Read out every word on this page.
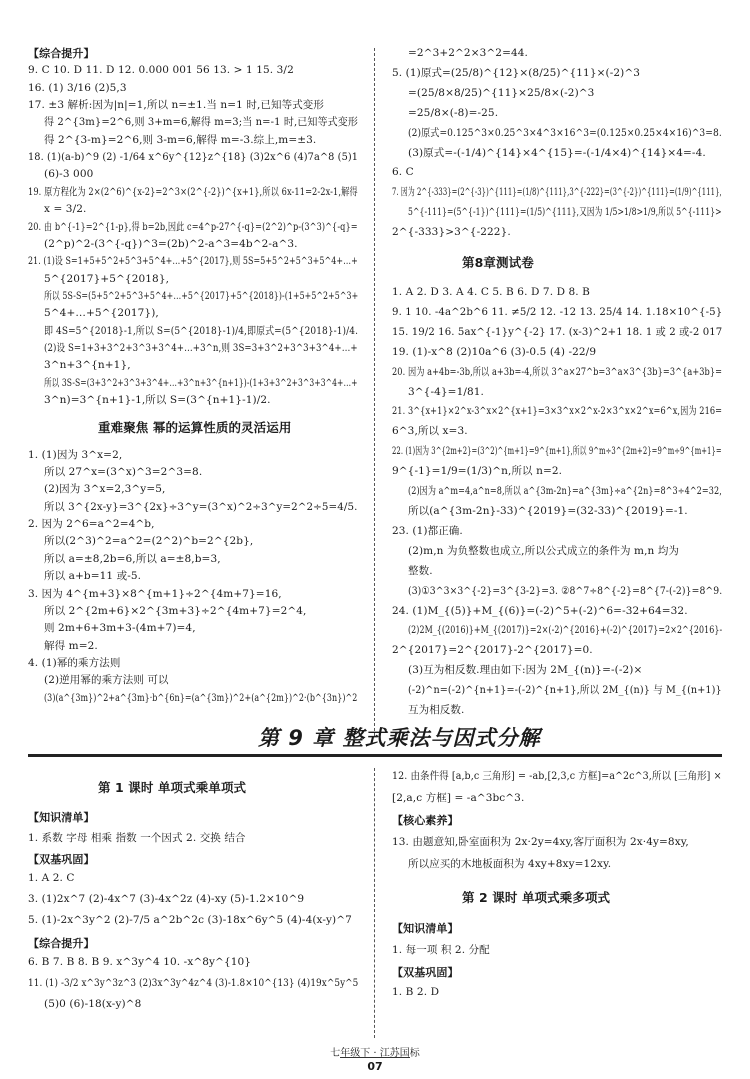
【综合提升】
9. C 10. D 11. D 12. 0.000 001 56 13. > 1 15. 3/2
16. (1) 3/16 (2)5,3
17. ±3 解析:因为|n|=1,所以 n=±1.当 n=1 时,已知等式变形
得 2^{3m}=2^6,则 3+m=6,解得 m=3;当 n=-1 时,已知等式变形
得 2^{3-m}=2^6,则 3-m=6,解得 m=-3.综上,m=±3.
18. (1)(a-b)^9 (2) -1/64 x^6y^{12}z^{18} (3)2x^6 (4)7a^8 (5)1
(6)-3 000
19. 原方程化为 2×(2^6)^{x-2}=2^3×(2^{-2})^{x+1},所以 6x-11=2-2x-1,解得
x = 3/2.
20. 由 b^{-1}=2^{1-p},得 b=2b,因此 c=4^p-27^{-q}=(2^2)^p-(3^3)^{-q}=
(2^p)^2-(3^{-q})^3=(2b)^2-a^3=4b^2-a^3.
21. (1)设 S=1+5+5^2+5^3+5^4+…+5^{2017},则 5S=5+5^2+5^3+5^4+…+
5^{2017}+5^{2018},
所以 5S-S=(5+5^2+5^3+5^4+…+5^{2017}+5^{2018})-(1+5+5^2+5^3+
5^4+…+5^{2017}),
即 4S=5^{2018}-1,所以 S=(5^{2018}-1)/4,即原式=(5^{2018}-1)/4.
(2)设 S=1+3+3^2+3^3+3^4+…+3^n,则 3S=3+3^2+3^3+3^4+…+
3^n+3^{n+1},
所以 3S-S=(3+3^2+3^3+3^4+…+3^n+3^{n+1})-(1+3+3^2+3^3+3^4+…+
3^n)=3^{n+1}-1,所以 S=(3^{n+1}-1)/2.
重难聚焦 幂的运算性质的灵活运用
1. (1)因为 3^x=2,
所以 27^x=(3^x)^3=2^3=8.
(2)因为 3^x=2,3^y=5,
所以 3^{2x-y}=3^{2x}÷3^y=(3^x)^2÷3^y=2^2÷5=4/5.
2. 因为 2^6=a^2=4^b,
所以(2^3)^2=a^2=(2^2)^b=2^{2b},
所以 a=±8,2b=6,所以 a=±8,b=3,
所以 a+b=11 或-5.
3. 因为 4^{m+3}×8^{m+1}÷2^{4m+7}=16,
所以 2^{2m+6}×2^{3m+3}÷2^{4m+7}=2^4,
则 2m+6+3m+3-(4m+7)=4,
解得 m=2.
4. (1)幂的乘方法则
(2)逆用幂的乘方法则 可以
(3)(a^{3m})^2+a^{3m}·b^{6n}=(a^{3m})^2+(a^{2m})^2·(b^{3n})^2
=2^3+2^2×3^2=44.
5. (1)原式=(25/8)^{12}×(8/25)^{11}×(-2)^3
=(25/8×8/25)^{11}×25/8×(-2)^3
=25/8×(-8)=-25.
(2)原式=0.125^3×0.25^3×4^3×16^3=(0.125×0.25×4×16)^3=8.
(3)原式=-(-1/4)^{14}×4^{15}=-(-1/4×4)^{14}×4=-4.
6. C
7. 因为 2^{-333}=(2^{-3})^{111}=(1/8)^{111},3^{-222}=(3^{-2})^{111}=(1/9)^{111},
5^{-111}=(5^{-1})^{111}=(1/5)^{111},又因为 1/5>1/8>1/9,所以 5^{-111}>
2^{-333}>3^{-222}.
第8章测试卷
1. A 2. D 3. A 4. C 5. B 6. D 7. D 8. B
9. 1 10. -4a^2b^6 11. ≠5/2 12. -12 13. 25/4 14. 1.18×10^{-5}
15. 19/2 16. 5ax^{-1}y^{-2} 17. (x-3)^2+1 18. 1 或 2 或-2 017
19. (1)-x^8 (2)10a^6 (3)-0.5 (4) -22/9
20. 因为 a+4b=-3b,所以 a+3b=-4,所以 3^a×27^b=3^a×3^{3b}=3^{a+3b}=
3^{-4}=1/81.
21. 3^{x+1}×2^x-3^x×2^{x+1}=3×3^x×2^x-2×3^x×2^x=6^x,因为 216=
6^3,所以 x=3.
22. (1)因为 3^{2m+2}=(3^2)^{m+1}=9^{m+1},所以 9^m÷3^{2m+2}=9^m÷9^{m+1}=
9^{-1}=1/9=(1/3)^n,所以 n=2.
(2)因为 a^m=4,a^n=8,所以 a^{3m-2n}=a^{3m}÷a^{2n}=8^3÷4^2=32,
所以(a^{3m-2n}-33)^{2019}=(32-33)^{2019}=-1.
23. (1)都正确.
(2)m,n 为负整数也成立,所以公式成立的条件为 m,n 均为
整数.
(3)①3^3×3^{-2}=3^{3-2}=3. ②8^7÷8^{-2}=8^{7-(-2)}=8^9.
24. (1)M_{(5)}+M_{(6)}=(-2)^5+(-2)^6=-32+64=32.
(2)2M_{(2016)}+M_{(2017)}=2×(-2)^{2016}+(-2)^{2017}=2×2^{2016}-
2^{2017}=2^{2017}-2^{2017}=0.
(3)互为相反数.理由如下:因为 2M_{(n)}=-(-2)×
(-2)^n=(-2)^{n+1}=-(-2)^{n+1},所以 2M_{(n)} 与 M_{(n+1)}
互为相反数.
第 9 章 整式乘法与因式分解
第 1 课时 单项式乘单项式
【知识清单】
1. 系数 字母 相乘 指数 一个因式 2. 交换 结合
【双基巩固】
1. A 2. C
3. (1)2x^7 (2)-4x^7 (3)-4x^2z (4)-xy (5)-1.2×10^9
5. (1)-2x^3y^2 (2)-7/5 a^2b^2c (3)-18x^6y^5 (4)-4(x-y)^7
【综合提升】
6. B 7. B 8. B 9. x^3y^4 10. -x^8y^{10}
11. (1) -3/2 x^3y^3z^3 (2)3x^3y^4z^4 (3)-1.8×10^{13} (4)19x^5y^5
(5)0 (6)-18(x-y)^8
12. 由条件得 [a,b,c 三角形] = -ab,[2,3,c 方框]=a^2c^3,所以 [三角形] ×
[2,a,c 方框] = -a^3bc^3.
【核心素养】
13. 由题意知,卧室面积为 2x·2y=4xy,客厅面积为 2x·4y=8xy,
所以应买的木地板面积为 4xy+8xy=12xy.
第 2 课时 单项式乘多项式
【知识清单】
1. 每一项 积 2. 分配
【双基巩固】
1. B 2. D
七年级下 · 江苏国标
07
